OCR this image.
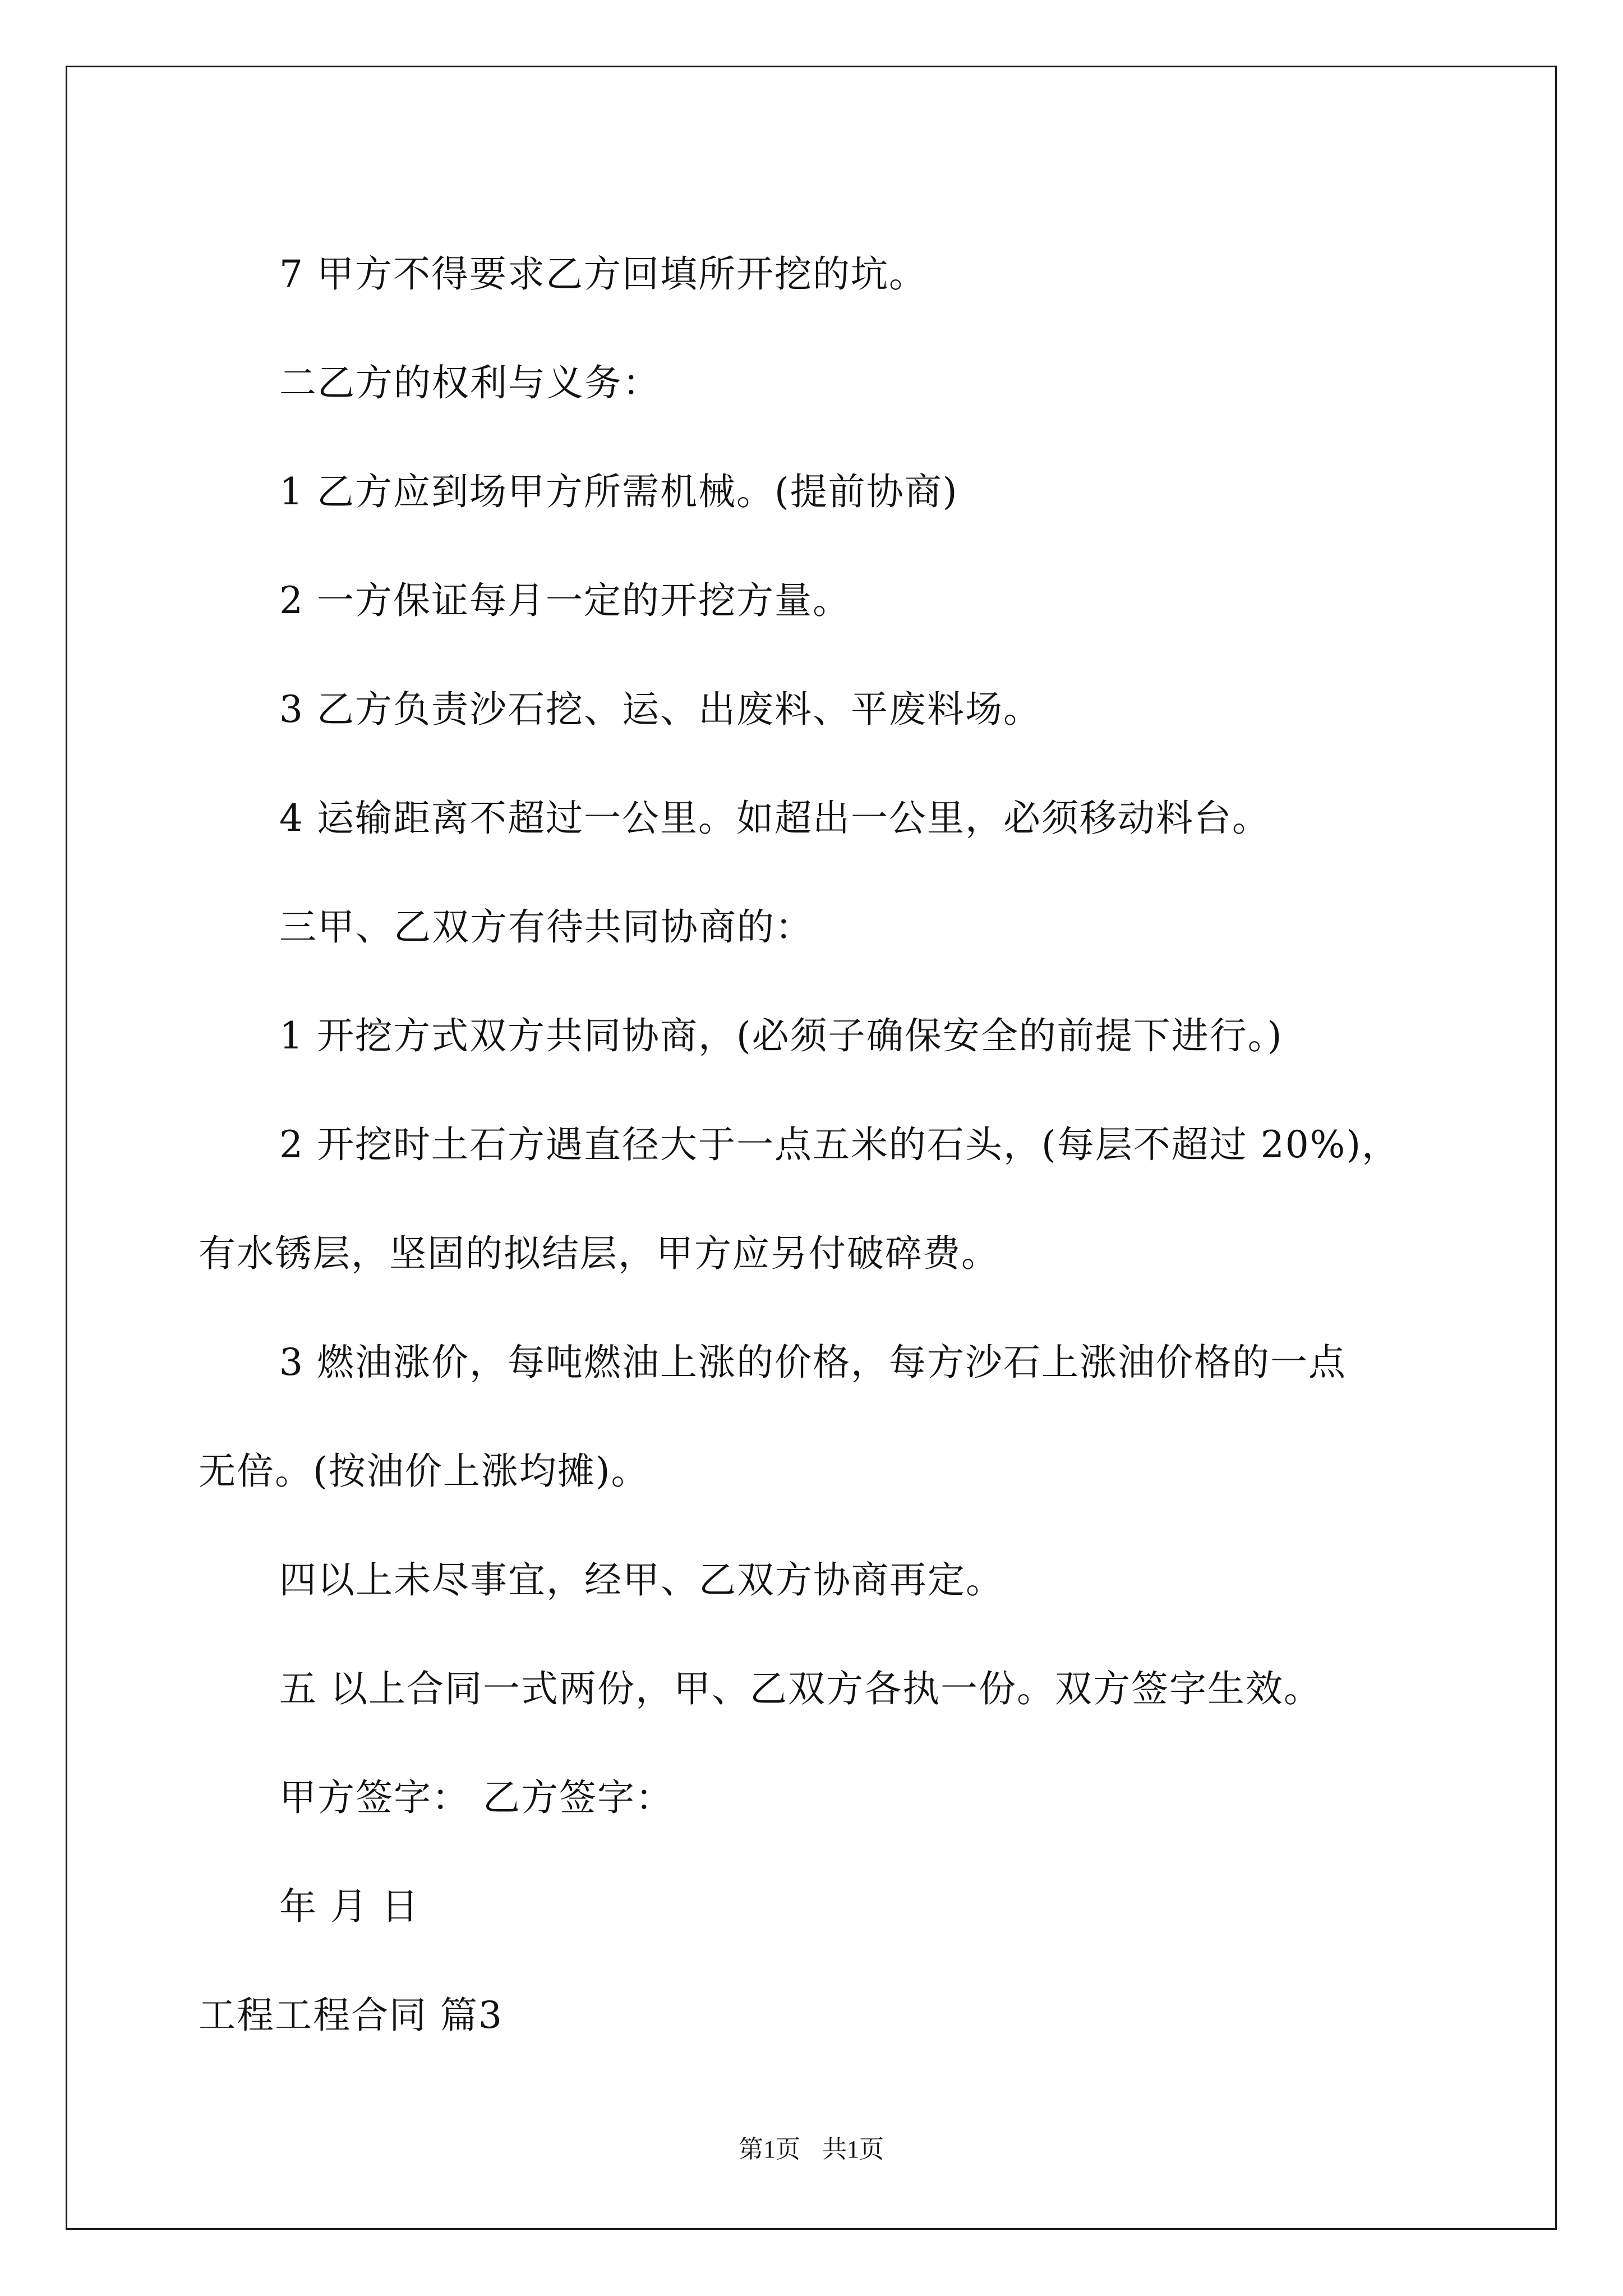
7 甲方不得要求乙方回填所开挖的坑。
二乙方的权利与义务：
1 乙方应到场甲方所需机械。(提前协商)
2 一方保证每月一定的开挖方量。
3 乙方负责沙石挖、运、出废料、平废料场。
4 运输距离不超过一公里。如超出一公里，必须移动料台。
三甲、乙双方有待共同协商的：
1 开挖方式双方共同协商，(必须子确保安全的前提下进行。)
2 开挖时土石方遇直径大于一点五米的石头，(每层不超过 20%)，
有水锈层，坚固的拟结层，甲方应另付破碎费。
3 燃油涨价，每吨燃油上涨的价格，每方沙石上涨油价格的一点
无倍。(按油价上涨均摊)。
四以上未尽事宜，经甲、乙双方协商再定。
五 以上合同一式两份，甲、乙双方各执一份。双方签字生效。
甲方签字： 乙方签字：
年 月 日
工程工程合同 篇3
第1页 共1页
